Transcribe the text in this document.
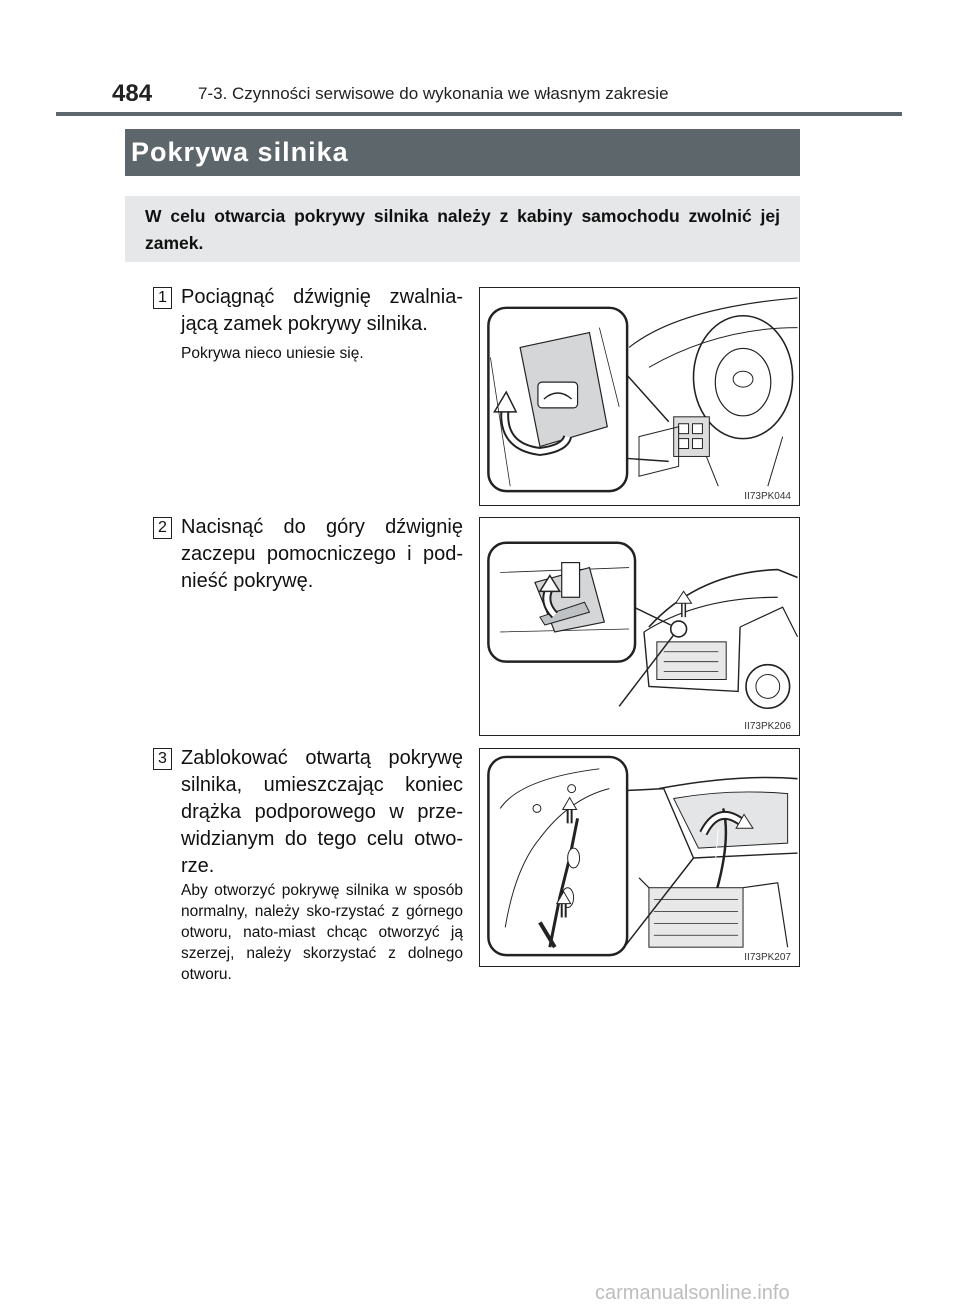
484	7-3. Czynności serwisowe do wykonania we własnym zakresie
Pokrywa silnika
W celu otwarcia pokrywy silnika należy z kabiny samochodu zwolnić jej zamek.
1 Pociągnąć dźwignię zwalnia-jącą zamek pokrywy silnika.
Pokrywa nieco uniesie się.
II73PK044
2 Nacisnąć do góry dźwignię zaczepu pomocniczego i pod-nieść pokrywę.
II73PK206
3 Zablokować otwartą pokrywę silnika, umieszczając koniec drążka podporowego w prze-widzianym do tego celu otwo-rze.
Aby otworzyć pokrywę silnika w sposób normalny, należy sko-rzystać z górnego otworu, nato-miast chcąc otworzyć ją szerzej, należy skorzystać z dolnego otworu.
II73PK207
carmanualsonline.info
